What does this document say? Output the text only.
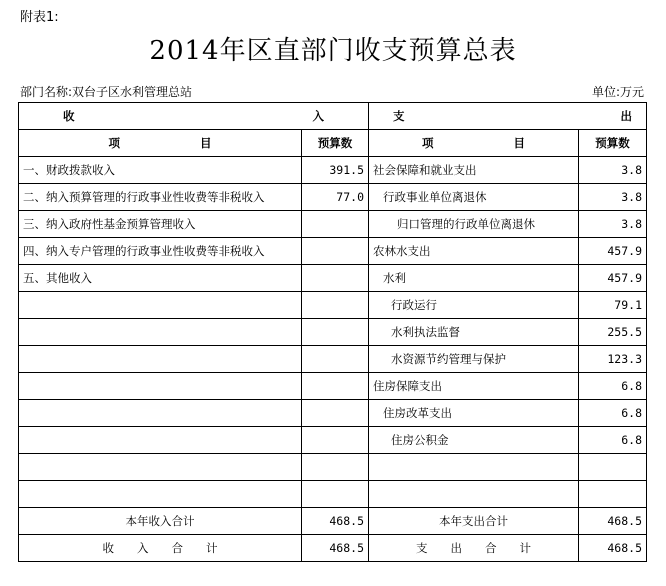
附表1:
2014年区直部门收支预算总表
部门名称:双台子区水利管理总站	单位:万元
收 入		支 出	

项 目	预算数	项 目	预算数
一、财政拨款收入	391.5	社会保障和就业支出	3.8
二、纳入预算管理的行政事业性收费等非税收入	77.0	行政事业单位离退休	3.8
三、纳入政府性基金预算管理收入		归口管理的行政单位离退休	3.8
四、纳入专户管理的行政事业性收费等非税收入		农林水支出	457.9
五、其他收入		水利	457.9
		行政运行	79.1
		水利执法监督	255.5
		水资源节约管理与保护	123.3
		住房保障支出	6.8
		住房改革支出	6.8
		住房公积金	6.8

本年收入合计	468.5	本年支出合计	468.5
收　　入　　合　　计	468.5	支　　出　　合　　计	468.5
